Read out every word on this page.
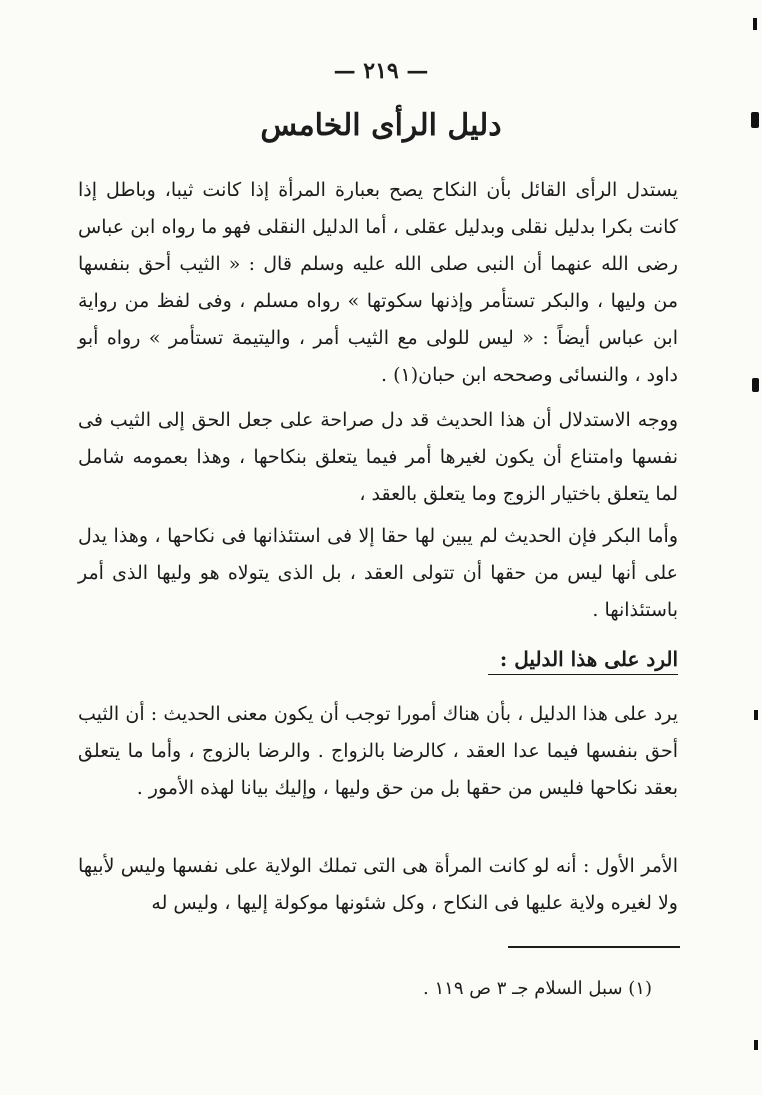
— ٢١٩ —
دليل الرأى الخامس

يستدل الرأى القائل بأن النكاح يصح بعبارة المرأة إذا كانت ثيبا، وباطل إذا كانت بكرا بدليل نقلى وبدليل عقلى ، أما الدليل النقلى فهو ما رواه ابن عباس رضى الله عنهما أن النبى صلى الله عليه وسلم قال : « الثيب أحق بنفسها من وليها ، والبكر تستأمر وإذنها سكوتها » رواه مسلم ، وفى لفظ من رواية ابن عباس أيضاً : « ليس للولى مع الثيب أمر ، واليتيمة تستأمر » رواه أبو داود ، والنسائى وصححه ابن حبان(١) .

ووجه الاستدلال أن هذا الحديث قد دل صراحة على جعل الحق إلى الثيب فى نفسها وامتناع أن يكون لغيرها أمر فيما يتعلق بنكاحها ، وهذا بعمومه شامل لما يتعلق باختيار الزوج وما يتعلق بالعقد ،

وأما البكر فإن الحديث لم يبين لها حقا إلا فى استئذانها فى نكاحها ، وهذا يدل على أنها ليس من حقها أن تتولى العقد ، بل الذى يتولاه هو وليها الذى أمر باستئذانها .

الرد على هذا الدليل :

يرد على هذا الدليل ، بأن هناك أمورا توجب أن يكون معنى الحديث : أن الثيب أحق بنفسها فيما عدا العقد ، كالرضا بالزواج . والرضا بالزوج ، وأما ما يتعلق بعقد نكاحها فليس من حقها بل من حق وليها ، وإليك بيانا لهذه الأمور .

الأمر الأول : أنه لو كانت المرأة هى التى تملك الولاية على نفسها وليس لأبيها ولا لغيره ولاية عليها فى النكاح ، وكل شئونها موكولة إليها ، وليس له

(١) سبل السلام جـ ٣ ص ١١٩ .
